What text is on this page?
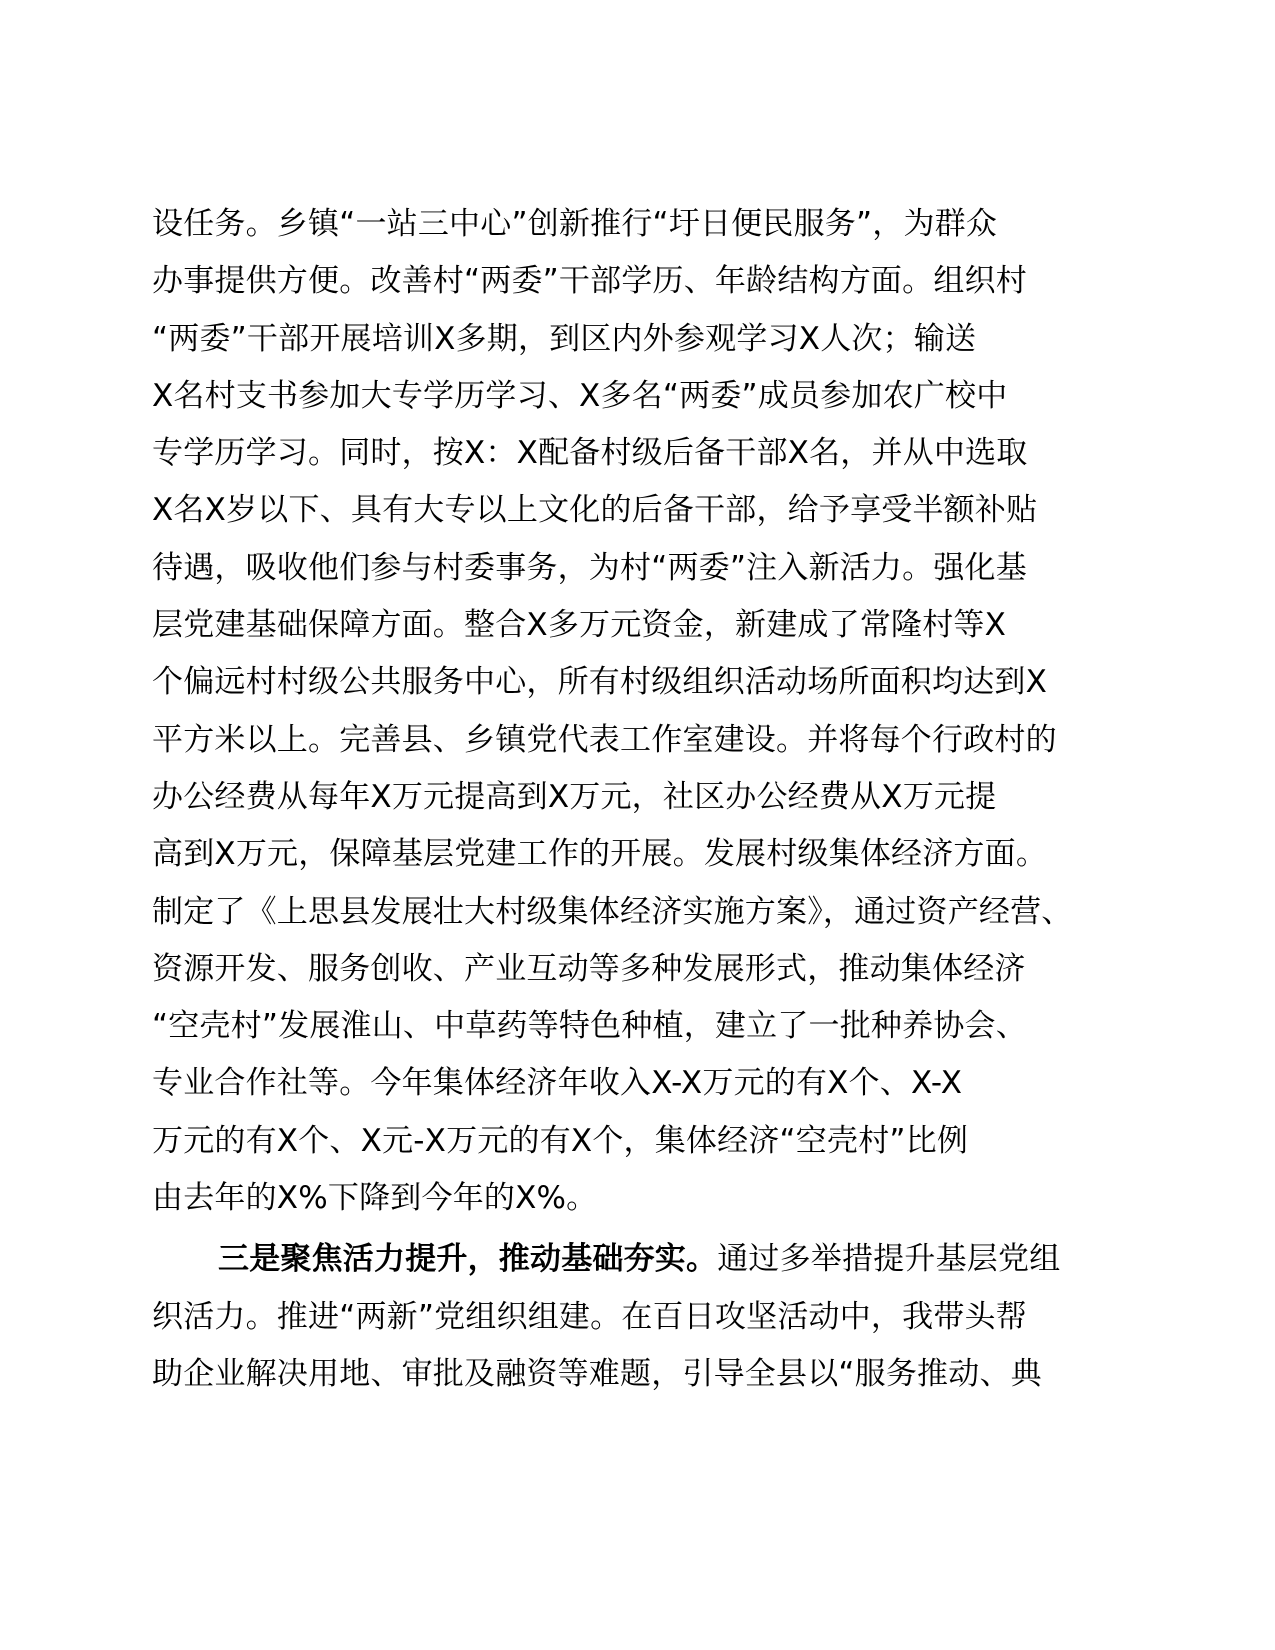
设任务。乡镇“一站三中心”创新推行“圩日便民服务”，为群众
办事提供方便。改善村“两委”干部学历、年龄结构方面。组织村
“两委”干部开展培训X多期，到区内外参观学习X人次；输送
X名村支书参加大专学历学习、X多名“两委”成员参加农广校中
专学历学习。同时，按X：X配备村级后备干部X名，并从中选取
X名X岁以下、具有大专以上文化的后备干部，给予享受半额补贴
待遇，吸收他们参与村委事务，为村“两委”注入新活力。强化基
层党建基础保障方面。整合X多万元资金，新建成了常隆村等X
个偏远村村级公共服务中心，所有村级组织活动场所面积均达到X
平方米以上。完善县、乡镇党代表工作室建设。并将每个行政村的
办公经费从每年X万元提高到X万元，社区办公经费从X万元提
高到X万元，保障基层党建工作的开展。发展村级集体经济方面。
制定了《上思县发展壮大村级集体经济实施方案》，通过资产经营、
资源开发、服务创收、产业互动等多种发展形式，推动集体经济
“空壳村”发展淮山、中草药等特色种植，建立了一批种养协会、
专业合作社等。今年集体经济年收入X-X万元的有X个、X-X
万元的有X个、X元-X万元的有X个，集体经济“空壳村”比例
由去年的X%下降到今年的X%。
三是聚焦活力提升，推动基础夯实。通过多举措提升基层党组
织活力。推进“两新”党组织组建。在百日攻坚活动中，我带头帮
助企业解决用地、审批及融资等难题，引导全县以“服务推动、典
